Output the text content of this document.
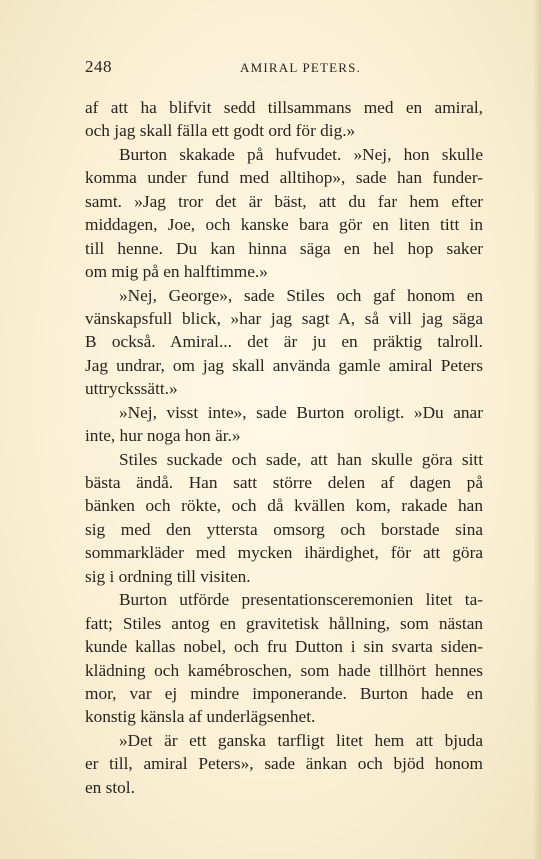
248	AMIRAL PETERS.
af att ha blifvit sedd tillsammans med en amiral,
och jag skall fälla ett godt ord för dig.»
Burton skakade på hufvudet. »Nej, hon skulle
komma under fund med alltihop», sade han funder-
samt. »Jag tror det är bäst, att du far hem efter
middagen, Joe, och kanske bara gör en liten titt in
till henne. Du kan hinna säga en hel hop saker
om mig på en halftimme.»
»Nej, George», sade Stiles och gaf honom en
vänskapsfull blick, »har jag sagt A, så vill jag säga
B också. Amiral... det är ju en präktig talroll.
Jag undrar, om jag skall använda gamle amiral Peters
uttryckssätt.»
»Nej, visst inte», sade Burton oroligt. »Du anar
inte, hur noga hon är.»
Stiles suckade och sade, att han skulle göra sitt
bästa ändå. Han satt större delen af dagen på
bänken och rökte, och då kvällen kom, rakade han
sig med den yttersta omsorg och borstade sina
sommarkläder med mycken ihärdighet, för att göra
sig i ordning till visiten.
Burton utförde presentationsceremonien litet ta-
fatt; Stiles antog en gravitetisk hållning, som nästan
kunde kallas nobel, och fru Dutton i sin svarta siden-
klädning och kamébroschen, som hade tillhört hennes
mor, var ej mindre imponerande. Burton hade en
konstig känsla af underlägsenhet.
»Det är ett ganska tarfligt litet hem att bjuda
er till, amiral Peters», sade änkan och bjöd honom
en stol.
